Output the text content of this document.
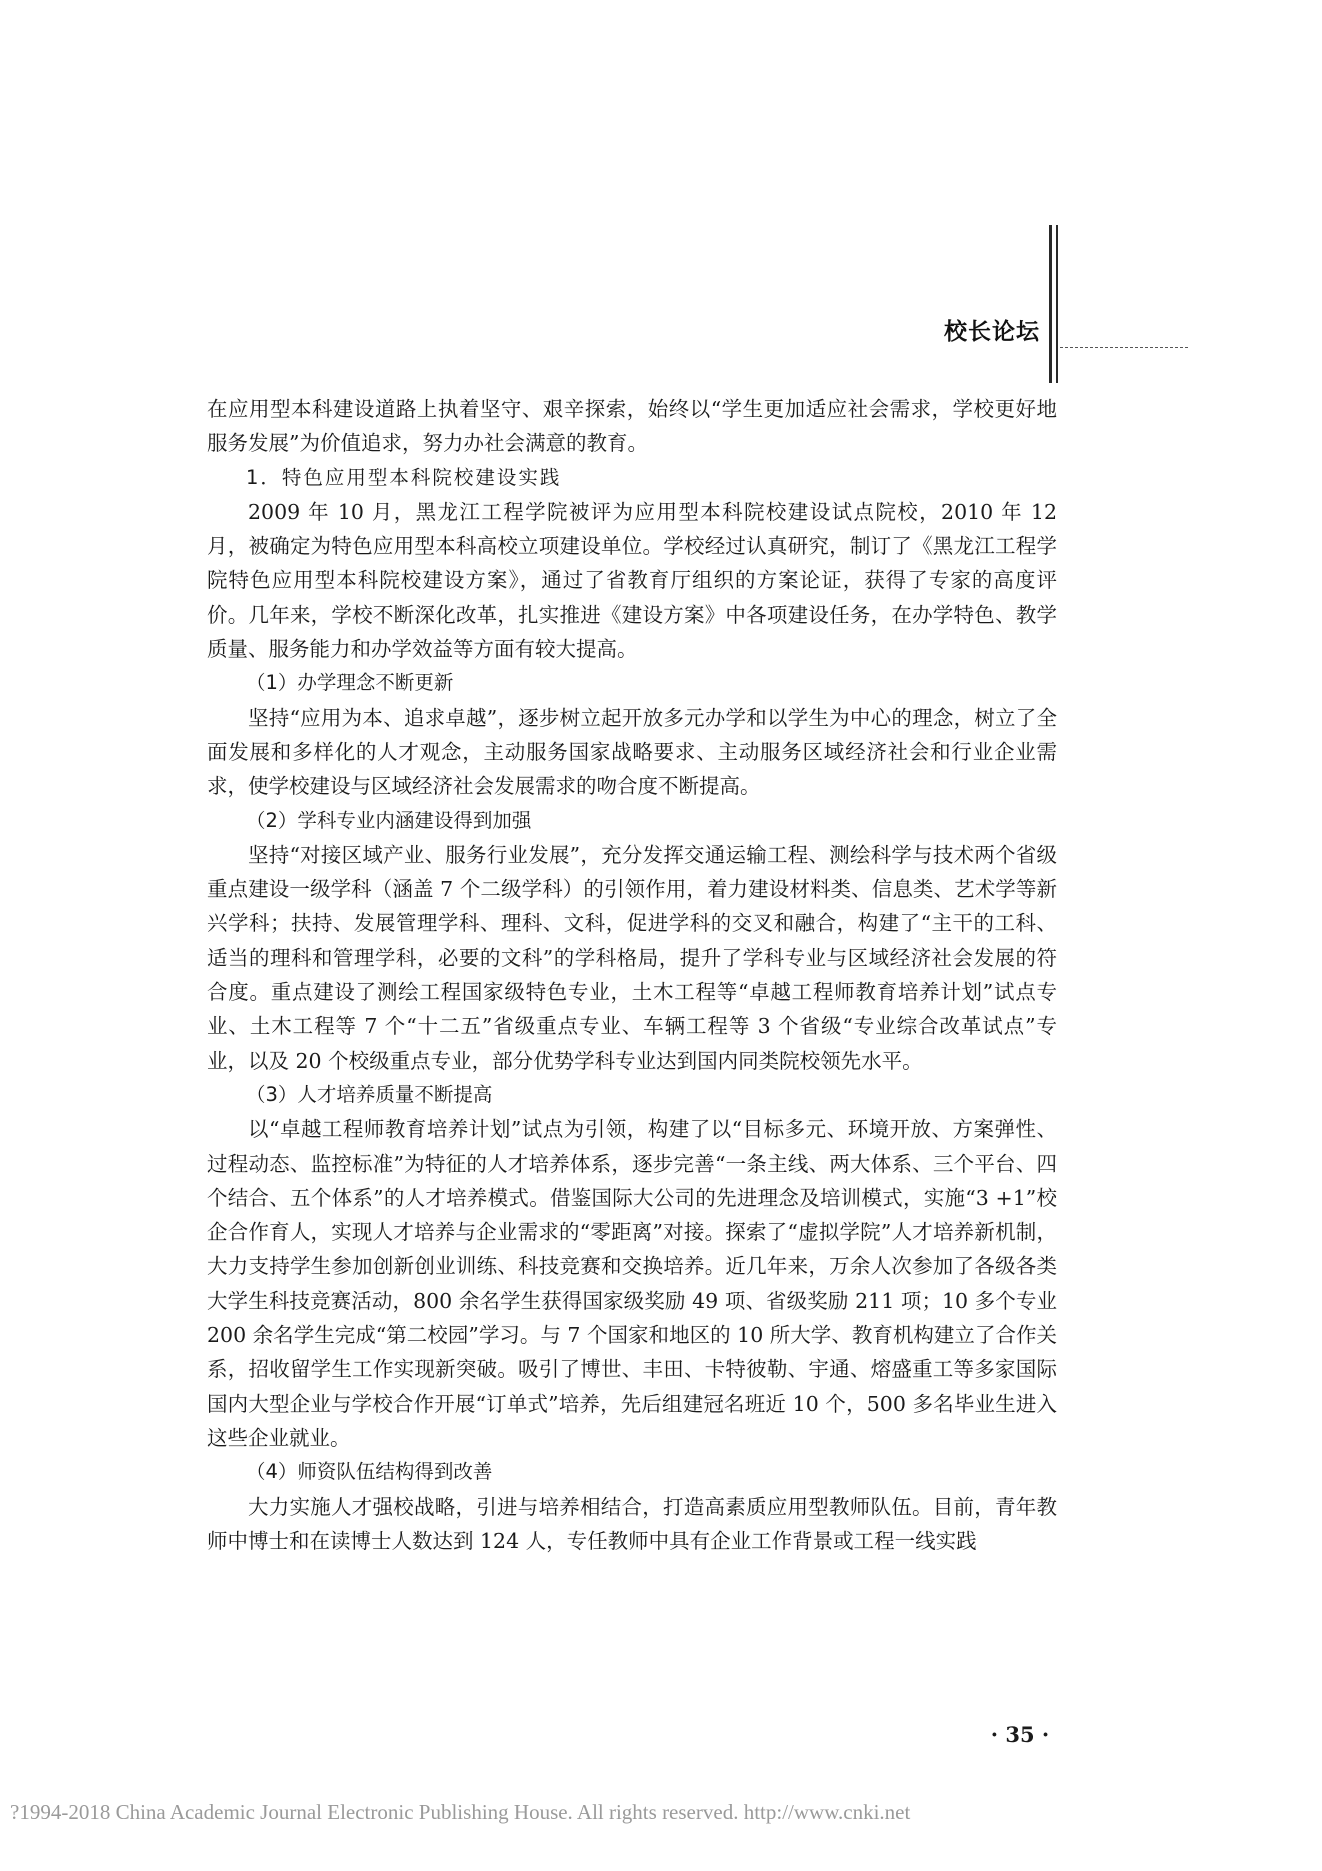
校长论坛

在应用型本科建设道路上执着坚守、艰辛探索，始终以“学生更加适应社会需求，学校更好地服务发展”为价值追求，努力办社会满意的教育。

1．特色应用型本科院校建设实践

2009 年 10 月，黑龙江工程学院被评为应用型本科院校建设试点院校，2010 年 12 月，被确定为特色应用型本科高校立项建设单位。学校经过认真研究，制订了《黑龙江工程学院特色应用型本科院校建设方案》，通过了省教育厅组织的方案论证，获得了专家的高度评价。几年来，学校不断深化改革，扎实推进《建设方案》中各项建设任务，在办学特色、教学质量、服务能力和办学效益等方面有较大提高。

（1）办学理念不断更新

坚持“应用为本、追求卓越”，逐步树立起开放多元办学和以学生为中心的理念，树立了全面发展和多样化的人才观念，主动服务国家战略要求、主动服务区域经济社会和行业企业需求，使学校建设与区域经济社会发展需求的吻合度不断提高。

（2）学科专业内涵建设得到加强

坚持“对接区域产业、服务行业发展”，充分发挥交通运输工程、测绘科学与技术两个省级重点建设一级学科（涵盖 7 个二级学科）的引领作用，着力建设材料类、信息类、艺术学等新兴学科；扶持、发展管理学科、理科、文科，促进学科的交叉和融合，构建了“主干的工科、适当的理科和管理学科，必要的文科”的学科格局，提升了学科专业与区域经济社会发展的符合度。重点建设了测绘工程国家级特色专业，土木工程等“卓越工程师教育培养计划”试点专业、土木工程等 7 个“十二五”省级重点专业、车辆工程等 3 个省级“专业综合改革试点”专业，以及 20 个校级重点专业，部分优势学科专业达到国内同类院校领先水平。

（3）人才培养质量不断提高

以“卓越工程师教育培养计划”试点为引领，构建了以“目标多元、环境开放、方案弹性、过程动态、监控标准”为特征的人才培养体系，逐步完善“一条主线、两大体系、三个平台、四个结合、五个体系”的人才培养模式。借鉴国际大公司的先进理念及培训模式，实施“3 +1”校企合作育人，实现人才培养与企业需求的“零距离”对接。探索了“虚拟学院”人才培养新机制，大力支持学生参加创新创业训练、科技竞赛和交换培养。近几年来，万余人次参加了各级各类大学生科技竞赛活动，800 余名学生获得国家级奖励 49 项、省级奖励 211 项；10 多个专业 200 余名学生完成“第二校园”学习。与 7 个国家和地区的 10 所大学、教育机构建立了合作关系，招收留学生工作实现新突破。吸引了博世、丰田、卡特彼勒、宇通、熔盛重工等多家国际国内大型企业与学校合作开展“订单式”培养，先后组建冠名班近 10 个，500 多名毕业生进入这些企业就业。

（4）师资队伍结构得到改善

大力实施人才强校战略，引进与培养相结合，打造高素质应用型教师队伍。目前，青年教师中博士和在读博士人数达到 124 人，专任教师中具有企业工作背景或工程一线实践

· 35 ·
?1994-2018 China Academic Journal Electronic Publishing House. All rights reserved. http://www.cnki.net
